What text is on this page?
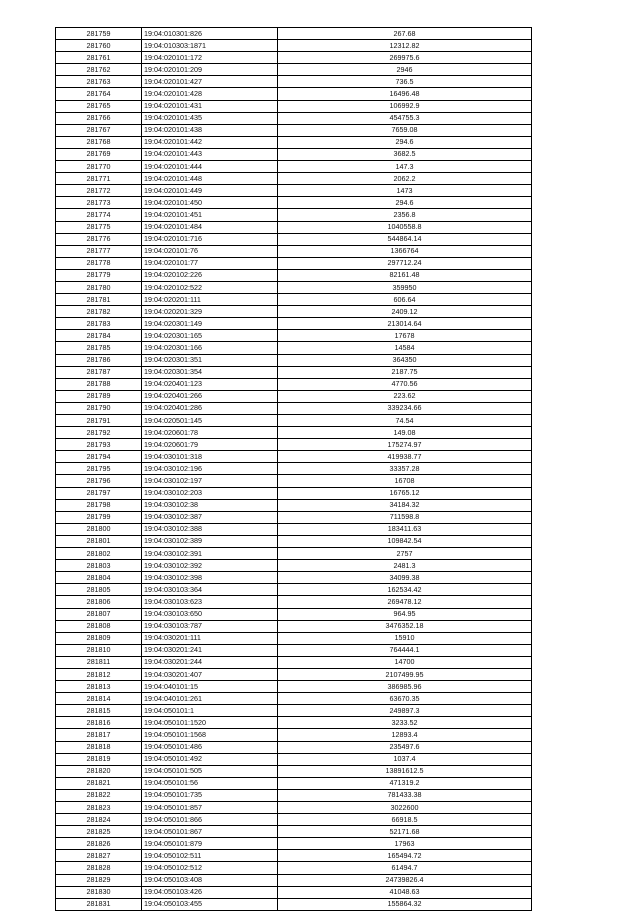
281759	19:04:010301:826	267.68
281760	19:04:010303:1871	12312.82
281761	19:04:020101:172	269975.6
281762	19:04:020101:209	2946
281763	19:04:020101:427	736.5
281764	19:04:020101:428	16496.48
281765	19:04:020101:431	106992.9
281766	19:04:020101:435	454755.3
281767	19:04:020101:438	7659.08
281768	19:04:020101:442	294.6
281769	19:04:020101:443	3682.5
281770	19:04:020101:444	147.3
281771	19:04:020101:448	2062.2
281772	19:04:020101:449	1473
281773	19:04:020101:450	294.6
281774	19:04:020101:451	2356.8
281775	19:04:020101:484	1040558.8
281776	19:04:020101:716	544864.14
281777	19:04:020101:76	1366764
281778	19:04:020101:77	297712.24
281779	19:04:020102:226	82161.48
281780	19:04:020102:522	359950
281781	19:04:020201:111	606.64
281782	19:04:020201:329	2409.12
281783	19:04:020301:149	213014.64
281784	19:04:020301:165	17678
281785	19:04:020301:166	14584
281786	19:04:020301:351	364350
281787	19:04:020301:354	2187.75
281788	19:04:020401:123	4770.56
281789	19:04:020401:266	223.62
281790	19:04:020401:286	339234.66
281791	19:04:020501:145	74.54
281792	19:04:020601:78	149.08
281793	19:04:020601:79	175274.97
281794	19:04:030101:318	419938.77
281795	19:04:030102:196	33357.28
281796	19:04:030102:197	16708
281797	19:04:030102:203	16765.12
281798	19:04:030102:38	34184.32
281799	19:04:030102:387	711598.8
281800	19:04:030102:388	183411.63
281801	19:04:030102:389	109842.54
281802	19:04:030102:391	2757
281803	19:04:030102:392	2481.3
281804	19:04:030102:398	34099.38
281805	19:04:030103:364	162534.42
281806	19:04:030103:623	269478.12
281807	19:04:030103:650	964.95
281808	19:04:030103:787	3476352.18
281809	19:04:030201:111	15910
281810	19:04:030201:241	764444.1
281811	19:04:030201:244	14700
281812	19:04:030201:407	2107499.95
281813	19:04:040101:15	386985.96
281814	19:04:040101:261	63670.35
281815	19:04:050101:1	249897.3
281816	19:04:050101:1520	3233.52
281817	19:04:050101:1568	12893.4
281818	19:04:050101:486	235497.6
281819	19:04:050101:492	1037.4
281820	19:04:050101:505	13891612.5
281821	19:04:050101:56	471319.2
281822	19:04:050101:735	781433.38
281823	19:04:050101:857	3022600
281824	19:04:050101:866	66918.5
281825	19:04:050101:867	52171.68
281826	19:04:050101:879	17963
281827	19:04:050102:511	165494.72
281828	19:04:050102:512	61494.7
281829	19:04:050103:408	24739826.4
281830	19:04:050103:426	41048.63
281831	19:04:050103:455	155864.32
